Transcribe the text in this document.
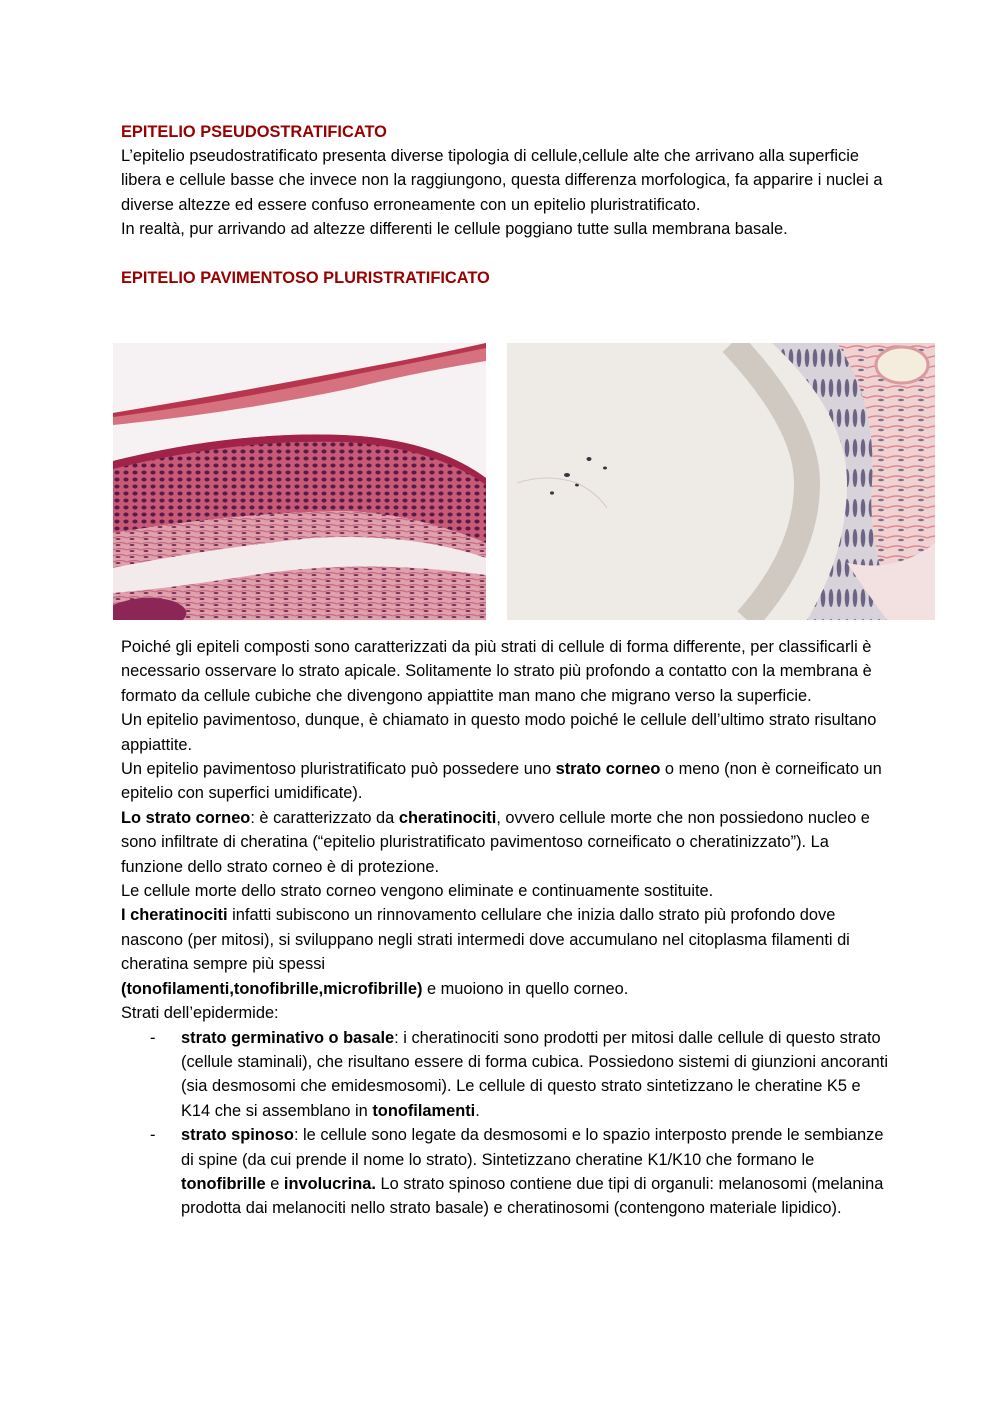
EPITELIO PSEUDOSTRATIFICATO

L’epitelio pseudostratificato presenta diverse tipologia di cellule,cellule alte che arrivano alla superficie libera e cellule basse che invece non la raggiungono, questa differenza morfologica, fa apparire i nuclei a diverse altezze ed essere confuso erroneamente con un epitelio pluristratificato.

In realtà, pur arrivando ad altezze differenti le cellule poggiano tutte sulla membrana basale.

EPITELIO PAVIMENTOSO PLURISTRATIFICATO

Poiché gli epiteli composti sono caratterizzati da più strati di cellule di forma differente, per classificarli è necessario osservare lo strato apicale. Solitamente lo strato più profondo a contatto con la membrana è formato da cellule cubiche che divengono appiattite man mano che migrano verso la superficie.

Un epitelio pavimentoso, dunque, è chiamato in questo modo poiché le cellule dell’ultimo strato risultano appiattite.

Un epitelio pavimentoso pluristratificato può possedere uno strato corneo o meno (non è corneificato un epitelio con superfici umidificate).

Lo strato corneo: è caratterizzato da cheratinociti, ovvero cellule morte che non possiedono nucleo e sono infiltrate di cheratina (“epitelio pluristratificato pavimentoso corneificato o cheratinizzato”). La funzione dello strato corneo è di protezione.

Le cellule morte dello strato corneo vengono eliminate e continuamente sostituite.

I cheratinociti infatti subiscono un rinnovamento cellulare che inizia dallo strato più profondo dove nascono (per mitosi), si sviluppano negli strati intermedi dove accumulano nel citoplasma filamenti di cheratina sempre più spessi
(tonofilamenti,tonofibrille,microfibrille) e muoiono in quello corneo.

Strati dell’epidermide:

- strato germinativo o basale: i cheratinociti sono prodotti per mitosi dalle cellule di questo strato (cellule staminali), che risultano essere di forma cubica. Possiedono sistemi di giunzioni ancoranti (sia desmosomi che emidesmosomi). Le cellule di questo strato sintetizzano le cheratine K5 e K14 che si assemblano in tonofilamenti.
- strato spinoso: le cellule sono legate da desmosomi e lo spazio interposto prende le sembianze di spine (da cui prende il nome lo strato). Sintetizzano cheratine K1/K10 che formano le tonofibrille e involucrina. Lo strato spinoso contiene due tipi di organuli: melanosomi (melanina prodotta dai melanociti nello strato basale) e cheratinosomi (contengono materiale lipidico).
